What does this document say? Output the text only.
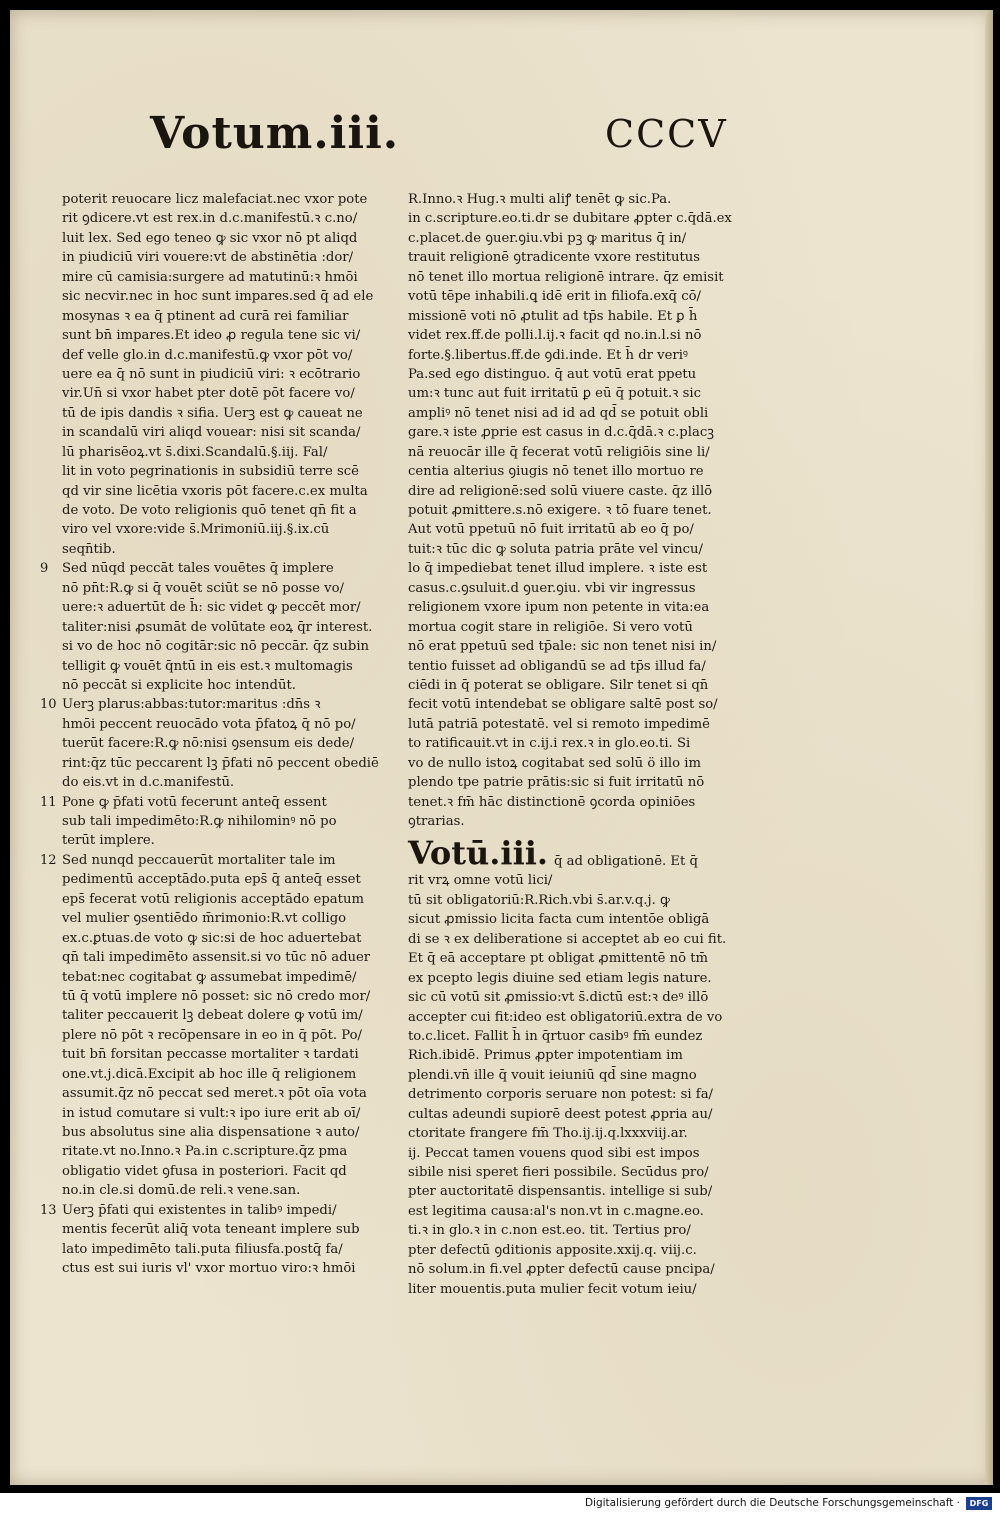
Votum.iii.	CCCV
poterit reuocare licz malefaciat.nec vxor pote
rit ꝯdicere.vt est rex.in d.c.manifestū.ꝛ c.no/
luit lex. Sed ego teneo ꝙ sic vxor nō pt aliqd
in piudiciū viri vouere:vt de abstinētia :dor/
mire cū camisia:surgere ad matutinū:ꝛ hmōi
sic necvir.nec in hoc sunt impares.sed q̄ ad ele
mosynas ꝛ ea q̄ ptinent ad curā rei familiar
sunt bn̄ impares.Et ideo ꝓ regula tene sic vi/
def velle glo.in d.c.manifestū.ꝙ vxor pōt vo/
uere ea q̄ nō sunt in piudiciū viri: ꝛ ecōtrario
vir.Un̄ si vxor habet pter dotē pōt facere vo/
tū de ipis dandis ꝛ sifia. Uerꝫ est ꝙ caueat ne
in scandalū viri aliqd vouear: nisi sit scanda/
lū pharisēoꝝ.vt s̄.dixi.Scandalū.§.iij. Fal/
lit in voto pegrinationis in subsidiū terre scē
qd vir sine licētia vxoris pōt facere.c.ex multa
de voto. De voto religionis quō tenet qn̄ fit a
viro vel vxore:vide s̄.Mrimoniū.iij.§.ix.cū
seqn̄tib.
9 Sed nūqd peccāt tales vouētes q̄ implere
nō pn̄t:R.ꝙ si q̄ vouēt sciūt se nō posse vo/
uere:ꝛ aduertūt de h̄: sic videt ꝙ peccēt mor/
taliter:nisi ꝓsumāt de volūtate eoꝝ q̄r interest.
si vo de hoc nō cogitār:sic nō peccār. q̄z subin
telligit ꝙ vouēt q̄ntū in eis est.ꝛ multomagis
nō peccāt si explicite hoc intendūt.
10 Uerꝫ plarus:abbas:tutor:maritus :dn̄s ꝛ
hmōi peccent reuocādo vota p̄fatoꝝ q̄ nō po/
tuerūt facere:R.ꝙ nō:nisi ꝯsensum eis dede/
rint:q̄z tūc peccarent lꝫ p̄fati nō peccent obediē
do eis.vt in d.c.manifestū.
11 Pone ꝙ p̄fati votū fecerunt anteq̄ essent
sub tali impedimēto:R.ꝙ nihilominꝰ nō po
terūt implere.
12 Sed nunqd peccauerūt mortaliter tale im
pedimentū acceptādo.puta eps̄ q̄ anteq̄ esset
eps̄ fecerat votū religionis acceptādo epatum
vel mulier ꝯsentiēdo m̄rimonio:R.vt colligo
ex.c.ꝑtuas.de voto ꝙ sic:si de hoc aduertebat
qn̄ tali impedimēto assensit.si vo tūc nō aduer
tebat:nec cogitabat ꝙ assumebat impedimē/
tū q̄ votū implere nō posset: sic nō credo mor/
taliter peccauerit lꝫ debeat dolere ꝙ votū im/
plere nō pōt ꝛ recōpensare in eo in q̄ pōt. Po/
tuit bn̄ forsitan peccasse mortaliter ꝛ tardati
one.vt.j.dicā.Excipit ab hoc ille q̄ religionem
assumit.q̄z nō peccat sed meret.ꝛ pōt oīa vota
in istud comutare si vult:ꝛ ipo iure erit ab oī/
bus absolutus sine alia dispensatione ꝛ auto/
ritate.vt no.Inno.ꝛ Pa.in c.scripture.q̄z pma
obligatio videt ꝯfusa in posteriori. Facit qd
no.in cle.si domū.de reli.ꝛ vene.san.
13 Uerꝫ p̄fati qui existentes in talibꝰ impedi/
mentis fecerūt aliq̄ vota teneant implere sub
lato impedimēto tali.puta filiusfa.postq̄ fa/
ctus est sui iuris vl' vxor mortuo viro:ꝛ hmōi
R.Inno.ꝛ Hug.ꝛ multi aliꝭ tenēt ꝙ sic.Pa.
in c.scripture.eo.ti.dr se dubitare ꝓpter c.q̄dā.ex
c.placet.de ꝯuer.ꝯiu.vbi pꝫ ꝙ maritus q̄ in/
trauit religionē ꝯtradicente vxore restitutus
nō tenet illo mortua religionē intrare. q̄z emisit
votū tēpe inhabili.ꝗ idē erit in filiofa.exq̄ cō/
missionē voti nō ꝓtulit ad tp̄s habile. Et ꝑ h̄
videt rex.ff.de polli.l.ij.ꝛ facit qd no.in.l.si nō
forte.§.libertus.ff.de ꝯdi.inde. Et h̄ dr veriꝰ
Pa.sed ego distinguo. q̄ aut votū erat ppetu
um:ꝛ tunc aut fuit irritatū ꝑ eū q̄ potuit.ꝛ sic
ampliꝰ nō tenet nisi ad id ad qd̄ se potuit obli
gare.ꝛ iste ꝓprie est casus in d.c.q̄dā.ꝛ c.placꝫ
nā reuocār ille q̄ fecerat votū religiōis sine li/
centia alterius ꝯiugis nō tenet illo mortuo re
dire ad religionē:sed solū viuere caste. q̄z illō
potuit ꝓmittere.s.nō exigere. ꝛ tō fuare tenet.
Aut votū ppetuū nō fuit irritatū ab eo q̄ po/
tuit:ꝛ tūc dic ꝙ soluta patria prāte vel vincu/
lo q̄ impediebat tenet illud implere. ꝛ iste est
casus.c.ꝯsuluit.d ꝯuer.ꝯiu. vbi vir ingressus
religionem vxore ipum non petente in vita:ea
mortua cogit stare in religiōe. Si vero votū
nō erat ppetuū sed tp̄ale: sic non tenet nisi in/
tentio fuisset ad obligandū se ad tp̄s illud fa/
ciēdi in q̄ poterat se obligare. Silr tenet si qn̄
fecit votū intendebat se obligare saltē post so/
lutā patriā potestatē. vel si remoto impedimē
to ratificauit.vt in c.ij.i rex.ꝛ in glo.eo.ti. Si
vo de nullo istoꝝ cogitabat sed solū ö illo im
plendo tpe patrie prātis:sic si fuit irritatū nō
tenet.ꝛ fm̄ hāc distinctionē ꝯcorda opiniōes
ꝯtrarias.
Votū.iii. q̄ ad obligationē. Et q̄
rit vrꝝ omne votū lici/
tū sit obligatoriū:R.Rich.vbi s̄.ar.v.q.j. ꝙ
sicut ꝓmissio licita facta cum intentōe obligā
di se ꝛ ex deliberatione si acceptet ab eo cui fit.
Et q̄ eā acceptare pt obligat ꝓmittentē nō tm̄
ex pcepto legis diuine sed etiam legis nature.
sic cū votū sit ꝓmissio:vt s̄.dictū est:ꝛ deꝰ illō
accepter cui fit:ideo est obligatoriū.extra de vo
to.c.licet. Fallit h̄ in q̄rtuor casibꝰ fm̄ eundez
Rich.ibidē. Primus ꝓpter impotentiam im
plendi.vn̄ ille q̄ vouit ieiuniū qd̄ sine magno
detrimento corporis seruare non potest: si fa/
cultas adeundi supiorē deest potest ꝓpria au/
ctoritate frangere fm̄ Tho.ij.ij.q.lxxxviij.ar.
ij. Peccat tamen vouens quod sibi est impos
sibile nisi speret fieri possibile. Secūdus pro/
pter auctoritatē dispensantis. intellige si sub/
est legitima causa:al's non.vt in c.magne.eo.
ti.ꝛ in glo.ꝛ in c.non est.eo. tit. Tertius pro/
pter defectū ꝯditionis apposite.xxij.q. viij.c.
nō solum.in fi.vel ꝓpter defectū cause pncipa/
liter mouentis.puta mulier fecit votum ieiu/
Digitalisierung gefördert durch die Deutsche Forschungsgemeinschaft ·	DFG
